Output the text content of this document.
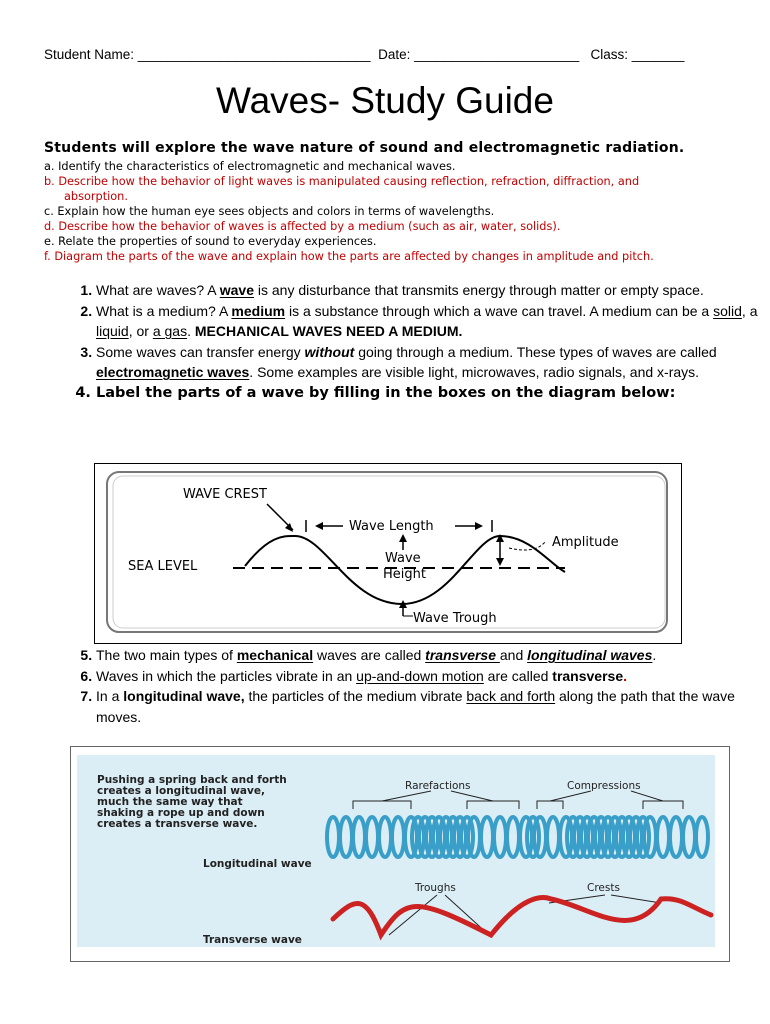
Student Name: _______________________________ Date: ______________________ Class: _______
Waves- Study Guide
Students will explore the wave nature of sound and electromagnetic radiation.
a. Identify the characteristics of electromagnetic and mechanical waves.
b. Describe how the behavior of light waves is manipulated causing reflection, refraction, diffraction, and
absorption.
c. Explain how the human eye sees objects and colors in terms of wavelengths.
d. Describe how the behavior of waves is affected by a medium (such as air, water, solids).
e. Relate the properties of sound to everyday experiences.
f. Diagram the parts of the wave and explain how the parts are affected by changes in amplitude and pitch.
1. What are waves? A wave is any disturbance that transmits energy through matter or empty space.
2. What is a medium? A medium is a substance through which a wave can travel. A medium can be a solid, a liquid, or a gas. MECHANICAL WAVES NEED A MEDIUM.
3. Some waves can transfer energy without going through a medium. These types of waves are called electromagnetic waves. Some examples are visible light, microwaves, radio signals, and x-rays.
4. Label the parts of a wave by filling in the boxes on the diagram below:
WAVE CREST
Wave Length
Amplitude
SEA LEVEL
Wave
Height
Wave Trough
5. The two main types of mechanical waves are called transverse and longitudinal waves.
6. Waves in which the particles vibrate in an up-and-down motion are called transverse.
7. In a longitudinal wave, the particles of the medium vibrate back and forth along the path that the wave moves.
Pushing a spring back and forth
creates a longitudinal wave,
much the same way that
shaking a rope up and down
creates a transverse wave.
Longitudinal wave
Transverse wave
Rarefactions	Compressions
Troughs	Crests
